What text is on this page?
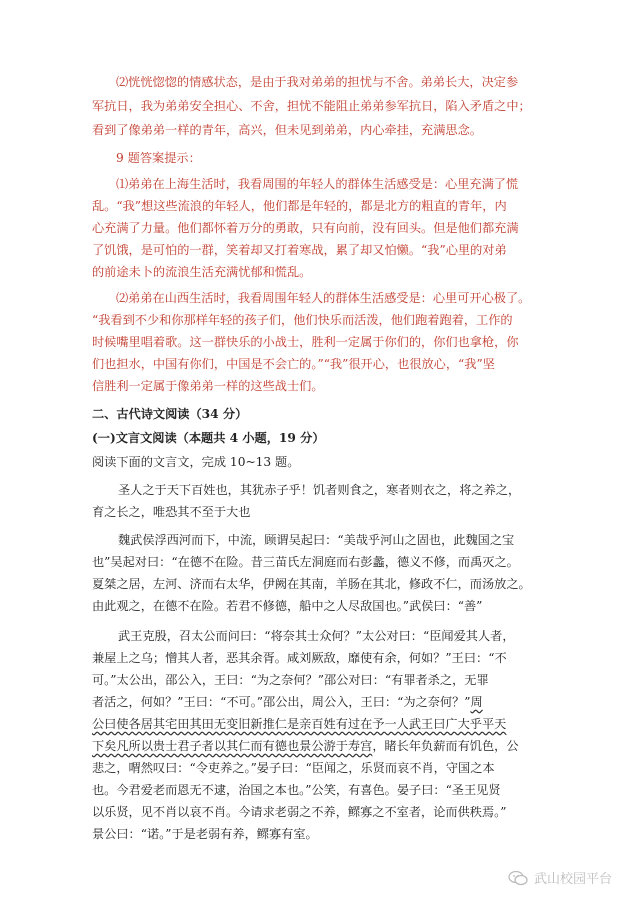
⑵恍恍惚惚的情感状态，是由于我对弟弟的担忧与不舍。弟弟长大，决定参
军抗日，我为弟弟安全担心、不舍，担忧不能阻止弟弟参军抗日，陷入矛盾之中；
看到了像弟弟一样的青年，高兴，但未见到弟弟，内心牵挂，充满思念。
9 题答案提示：
⑴弟弟在上海生活时，我看周围的年轻人的群体生活感受是：心里充满了慌
乱。“我”想这些流浪的年轻人，他们都是年轻的，都是北方的粗直的青年，内
心充满了力量。他们都怀着万分的勇敢，只有向前，没有回头。但是他们都充满
了饥饿，是可怕的一群，笑着却又打着寒战，累了却又怕懒。“我”心里的对弟
的前途未卜的流浪生活充满忧郁和慌乱。
⑵弟弟在山西生活时，我看周围年轻人的群体生活感受是：心里可开心极了。
“我看到不少和你那样年轻的孩子们，他们快乐而活泼，他们跑着跑着，工作的
时候嘴里唱着歌。这一群快乐的小战士，胜利一定属于你们的，你们也拿枪，你
们也担水，中国有你们，中国是不会亡的。”“我”很开心，也很放心，“我”坚
信胜利一定属于像弟弟一样的这些战士们。
二、古代诗文阅读（34 分）
(一)文言文阅读（本题共 4 小题，19 分）
阅读下面的文言文，完成 10~13 题。
圣人之于天下百姓也，其犹赤子乎！饥者则食之，寒者则衣之，将之养之，
育之长之，唯恐其不至于大也
魏武侯浮西河而下，中流，顾谓吴起曰：“美哉乎河山之固也，此魏国之宝
也”吴起对曰：“在德不在险。昔三苗氏左洞庭而右彭蠡，德义不修，而禹灭之。
夏桀之居，左河、济而右太华，伊阙在其南，羊肠在其北，修政不仁，而汤放之。
由此观之，在德不在险。若君不修德，船中之人尽敌国也。”武侯曰：“善”
武王克殷，召太公而问曰：“将奈其士众何？”太公对曰：“臣闻爱其人者，
兼屋上之乌；憎其人者，恶其余胥。咸刘厥敌，靡使有余，何如？”王曰：“不
可。”太公出，邵公入，王曰：“为之奈何？”邵公对曰：“有罪者杀之，无罪
者活之，何如？”王曰：“不可。”邵公出，周公入，王曰：“为之奈何？”周
公曰使各居其宅田其田无变旧新推仁是亲百姓有过在予一人武王曰广大乎平天
下矣凡所以贵士君子者以其仁而有德也景公游于寿宫，睹长年负薪而有饥色，公
悲之，喟然叹曰：“令吏养之。”晏子曰：“臣闻之，乐贤而哀不肖，守国之本
也。今君爱老而恩无不逮，治国之本也。”公笑，有喜色。晏子曰：“圣王见贤
以乐贤，见不肖以哀不肖。今请求老弱之不养，鳏寡之不室者，论而供秩焉。”
景公曰：“诺。”于是老弱有养，鳏寡有室。
武山校园平台
